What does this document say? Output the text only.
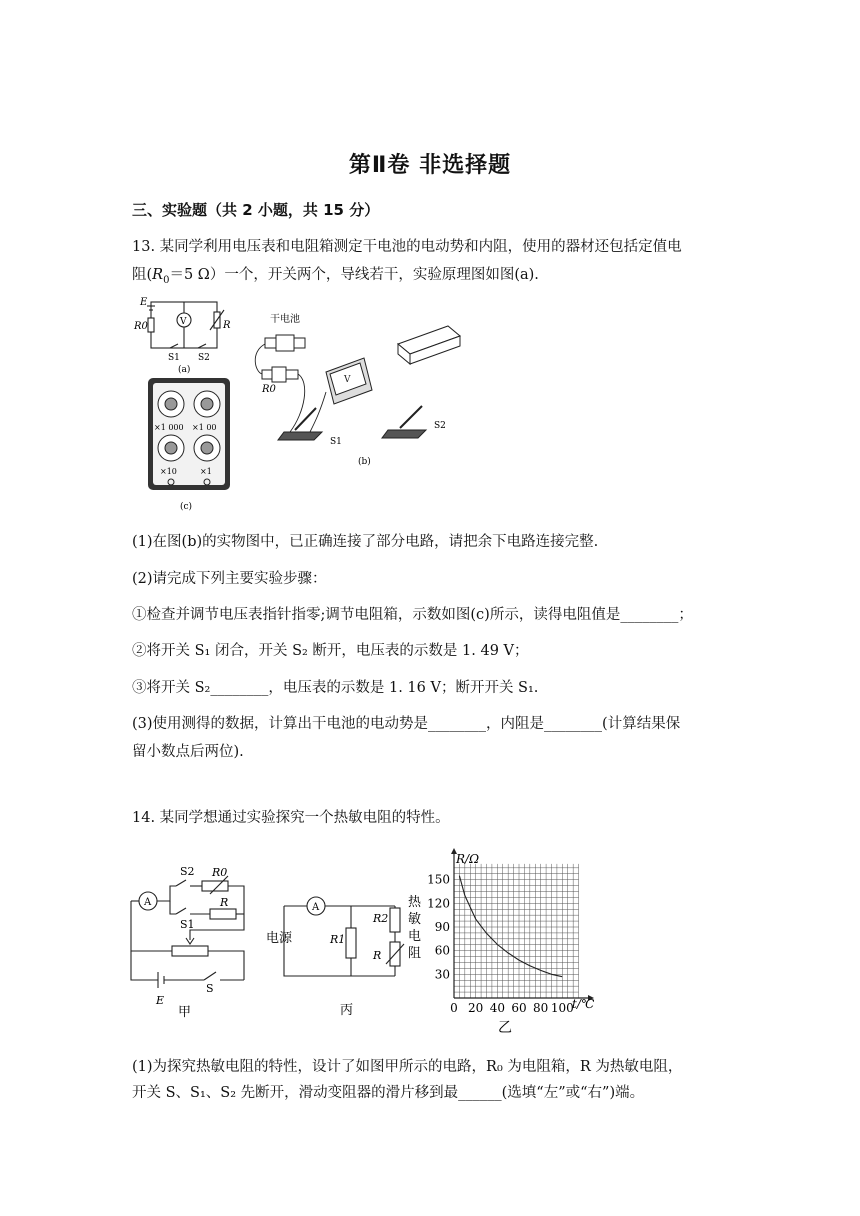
第Ⅱ卷 非选择题
三、实验题（共 2 小题，共 15 分）
13. 某同学利用电压表和电阻箱测定干电池的电动势和内阻，使用的器材还包括定值电
阻($R_0=5$ Ω）一个，开关两个，导线若干，实验原理图如图(a).
E
R0	V	R
S1 S2
(a)
×1 000 ×1 00
×10	×1
(c)
干电池
R0
V
S1
S2
(b)
(1)在图(b)的实物图中，已正确连接了部分电路，请把余下电路连接完整.
(2)请完成下列主要实验步骤：
①检查并调节电压表指针指零;调节电阻箱，示数如图(c)所示，读得电阻值是________；
②将开关 S₁ 闭合，开关 S₂ 断开，电压表的示数是 1. 49 V；
③将开关 S₂________，电压表的示数是 1. 16 V；断开开关 S₁.
(3)使用测得的数据，计算出干电池的电动势是________，内阻是________(计算结果保
留小数点后两位).
14. 某同学想通过实验探究一个热敏电阻的特性。
A
S2 R0
R
S1
E
S
甲
电源
A
R1
R2
R
热
敏
电
阻
丙	0 20 40 60 80 100
30
60
90
120
150
R/Ω
t/℃
乙
(1)为探究热敏电阻的特性，设计了如图甲所示的电路，R₀ 为电阻箱，R 为热敏电阻，
开关 S、S₁、S₂ 先断开，滑动变阻器的滑片移到最______(选填“左”或“右”)端。
